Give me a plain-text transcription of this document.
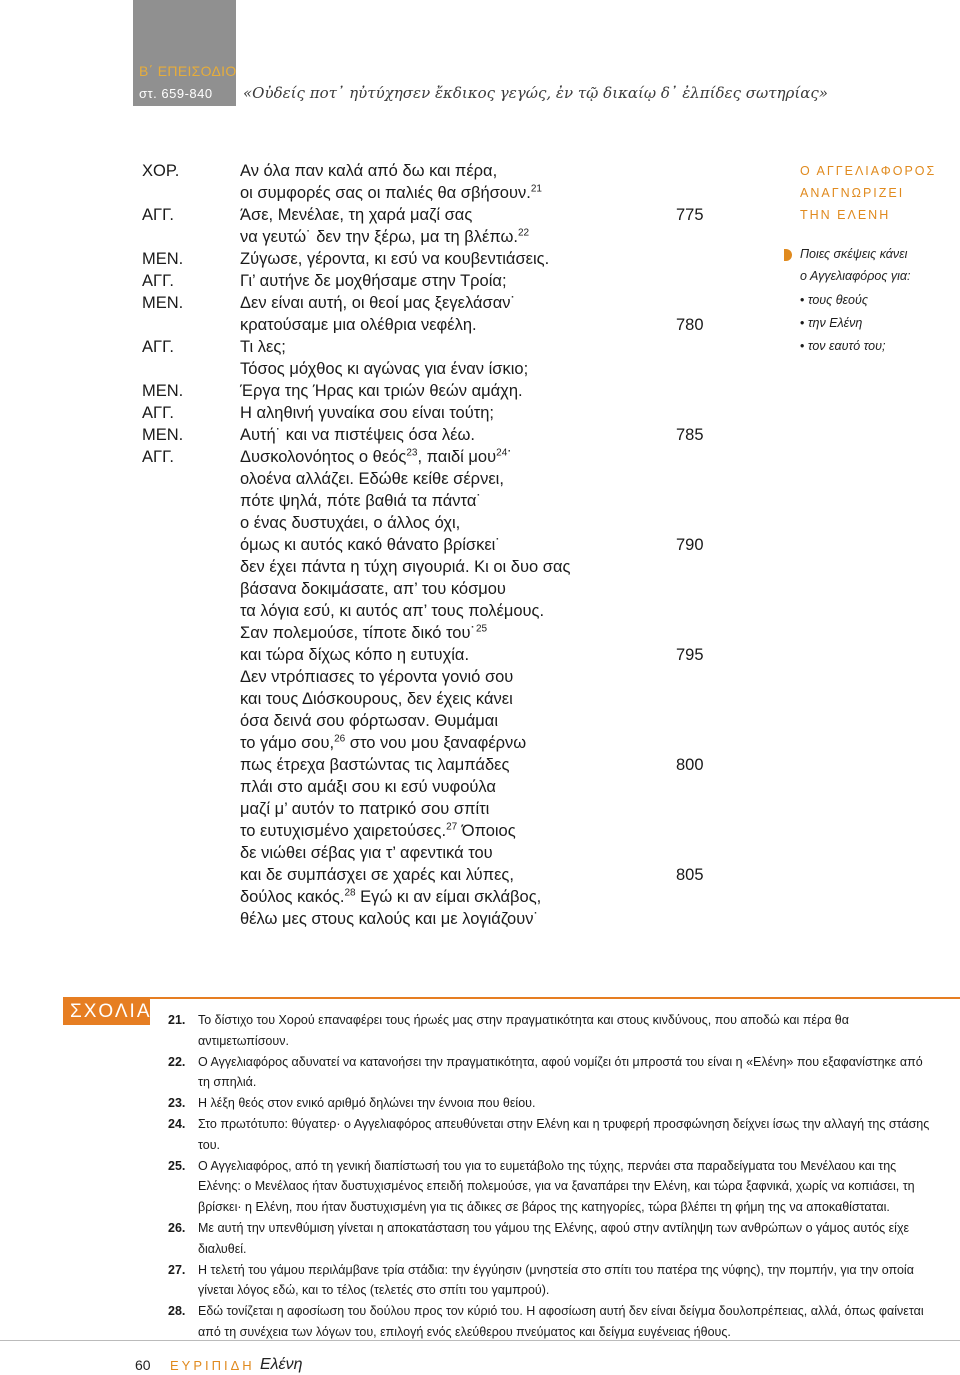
Β΄ ΕΠΕΙΣΟΔΙΟ
στ. 659-840 «Οὐδείς ποτ᾽ ηὐτύχησεν ἔκδικος γεγώς, ἐν τῷ δικαίῳ δ᾽ ἐλπίδες σωτηρίας»
ΧΟΡ.	Αν όλα παν καλά από δω και πέρα,
οι συμφορές σας οι παλιές θα σβήσουν.$^{21}$
ΑΓΓ.	Άσε, Μενέλαε, τη χαρά μαζί σας	775
να γευτώ˙ δεν την ξέρω, μα τη βλέπω.$^{22}$
ΜΕΝ.	Ζύγωσε, γέροντα, κι εσύ να κουβεντιάσεις.
ΑΓΓ.	Γι’ αυτήνε δε μοχθήσαμε στην Τροία;
ΜΕΝ.	Δεν είναι αυτή, οι θεοί μας ξεγελάσαν˙
κρατούσαμε μια ολέθρια νεφέλη.	780
ΑΓΓ.	Τι λες;
Τόσος μόχθος κι αγώνας για έναν ίσκιο;
ΜΕΝ.	Έργα της Ήρας και τριών θεών αμάχη.
ΑΓΓ.	Η αληθινή γυναίκα σου είναι τούτη;
ΜΕΝ.	Αυτή˙ και να πιστέψεις όσα λέω.	785
ΑΓΓ.	Δυσκολονόητος ο θεός$^{23}$, παιδί μου$^{24}$˙
ολοένα αλλάζει. Εδώθε κείθε σέρνει,
πότε ψηλά, πότε βαθιά τα πάντα˙
ο ένας δυστυχάει, ο άλλος όχι,
όμως κι αυτός κακό θάνατο βρίσκει˙	790
δεν έχει πάντα η τύχη σιγουριά. Κι οι δυο σας
βάσανα δοκιμάσατε, απ’ του κόσμου
τα λόγια εσύ, κι αυτός απ’ τους πολέμους.
Σαν πολεμούσε, τίποτε δικό του˙$^{25}$
και τώρα δίχως κόπο η ευτυχία.	795
Δεν ντρόπιασες το γέροντα γονιό σου
και τους Διόσκουρους, δεν έχεις κάνει
όσα δεινά σου φόρτωσαν. Θυμάμαι
το γάμο σου,$^{26}$ στο νου μου ξαναφέρνω
πως έτρεχα βαστώντας τις λαμπάδες	800
πλάι στο αμάξι σου κι εσύ νυφούλα
μαζί μ’ αυτόν το πατρικό σου σπίτι
το ευτυχισμένο χαιρετούσες.$^{27}$ Όποιος
δε νιώθει σέβας για τ’ αφεντικά του
και δε συμπάσχει σε χαρές και λύπες,	805
δούλος κακός.$^{28}$ Εγώ κι αν είμαι σκλάβος,
θέλω μες στους καλούς και με λογιάζουν˙
Ο ΑΓΓΕΛΙΑΦΟΡΟΣ
ΑΝΑΓΝΩΡΙΖΕΙ
ΤΗΝ ΕΛΕΝΗ
Ποιες σκέψεις κάνει
ο Αγγελιαφόρος για:
• τους θεούς
• την Ελένη
• τον εαυτό του;
ΣΧΟΛΙΑ 21. Το δίστιχο του Χορού επαναφέρει τους ήρωές μας στην πραγματικότητα και στους κινδύνους, που αποδώ και πέρα θα αντιμετωπίσουν.

22. Ο Αγγελιαφόρος αδυνατεί να κατανοήσει την πραγματικότητα, αφού νομίζει ότι μπροστά του είναι η «Ελένη» που εξαφανίστηκε από τη σπηλιά.

23. Η λέξη θεός στον ενικό αριθμό δηλώνει την έννοια που θείου.

24. Στο πρωτότυπο: θύγατερ· ο Αγγελιαφόρος απευθύνεται στην Ελένη και η τρυφερή προσφώνηση δείχνει ίσως την αλλαγή της στάσης του.

25. Ο Αγγελιαφόρος, από τη γενική διαπίστωσή του για το ευμετάβολο της τύχης, περνάει στα παραδείγματα του Μενέλαου και της Ελένης: ο Μενέλαος ήταν δυστυχισμένος επειδή πολεμούσε, για να ξαναπάρει την Ελένη, και τώρα ξαφνικά, χωρίς να κοπιάσει, τη βρίσκει· η Ελένη, που ήταν δυστυχισμένη για τις άδικες σε βάρος της κατηγορίες, τώρα βλέπει τη φήμη της να αποκαθίσταται.

26. Με αυτή την υπενθύμιση γίνεται η αποκατάσταση του γάμου της Ελένης, αφού στην αντίληψη των ανθρώπων ο γάμος αυτός είχε διαλυθεί.

27. Η τελετή του γάμου περιλάμβανε τρία στάδια: την έγγύησιν (μνηστεία στο σπίτι του πατέρα της νύφης), την πομπήν, για την οποία γίνεται λόγος εδώ, και το τέλος (τελετές στο σπίτι του γαμπρού).

28. Εδώ τονίζεται η αφοσίωση του δούλου προς τον κύριό του. Η αφοσίωση αυτή δεν είναι δείγμα δουλοπρέπειας, αλλά, όπως φαίνεται από τη συνέχεια των λόγων του, επιλογή ενός ελεύθερου πνεύματος και δείγμα ευγένειας ήθους.

60 ΕΥΡΙΠΙΔΗ Ελένη
